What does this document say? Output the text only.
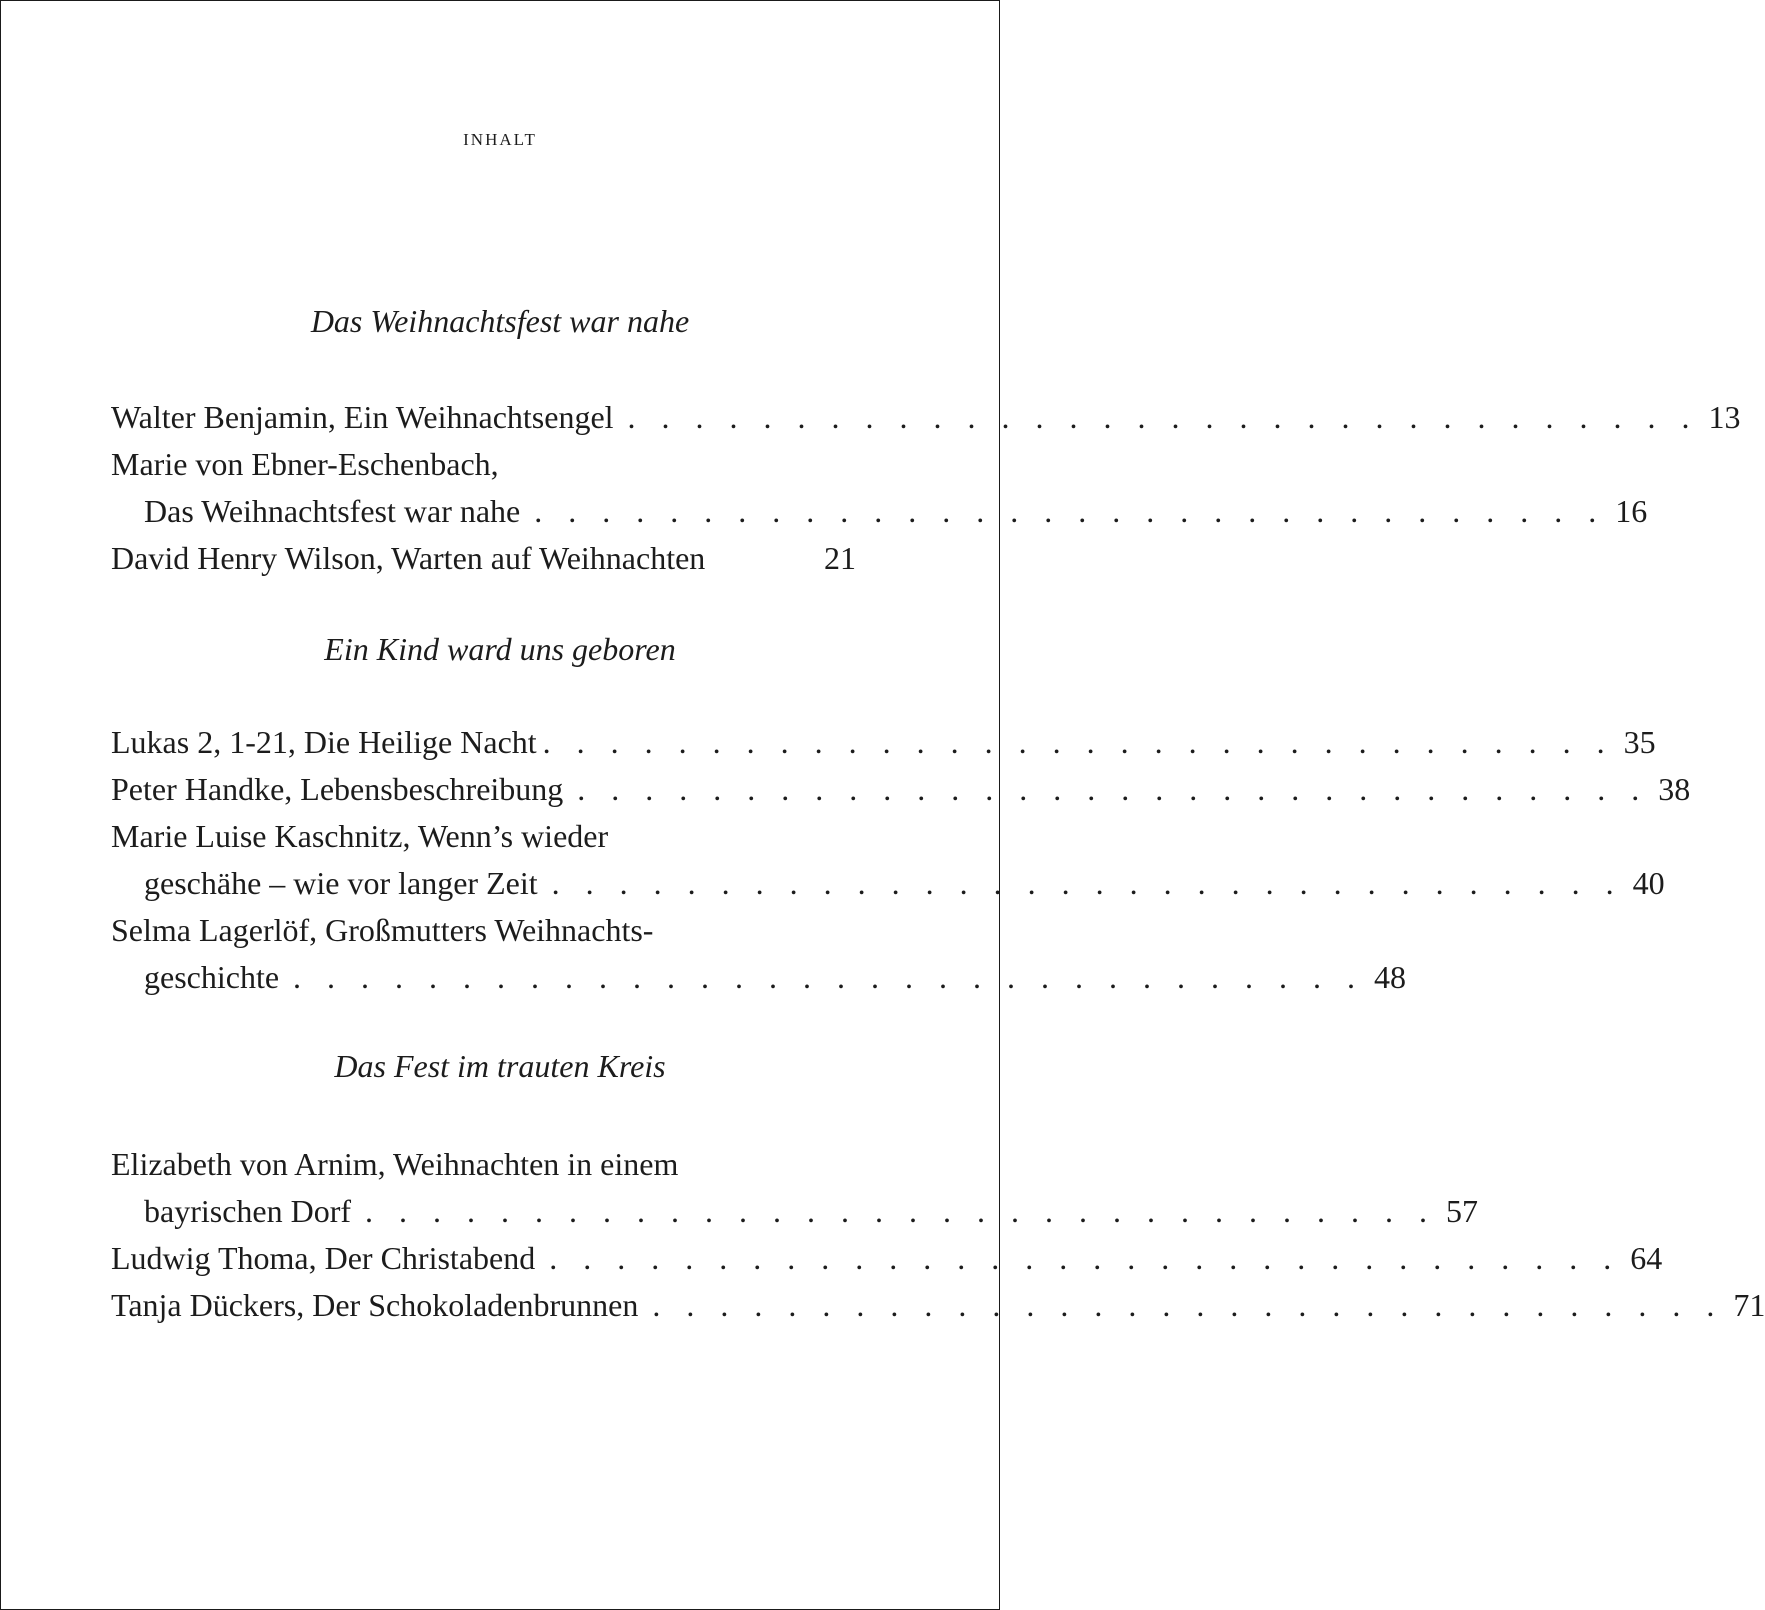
inhalt
Das Weihnachtsfest war nahe
Walter Benjamin, Ein Weihnachtsengel . . . . . . . . . . . . . . . . . . . . . . . . . . . . . . . . 13
Marie von Ebner-Eschenbach,
Das Weihnachtsfest war nahe . . . . . . . . . . . . . . . . . . . . . . . . . . . . . . . . 16
David Henry Wilson, Warten auf Weihnachten	21
Ein Kind ward uns geboren
Lukas 2, 1-21, Die Heilige Nacht . . . . . . . . . . . . . . . . . . . . . . . . . . . . . . . . 35
Peter Handke, Lebensbeschreibung . . . . . . . . . . . . . . . . . . . . . . . . . . . . . . . . 38
Marie Luise Kaschnitz, Wenn’s wieder
geschähe – wie vor langer Zeit . . . . . . . . . . . . . . . . . . . . . . . . . . . . . . . . 40
Selma Lagerlöf, Großmutters Weihnachts-
geschichte . . . . . . . . . . . . . . . . . . . . . . . . . . . . . . . . 48
Das Fest im trauten Kreis
Elizabeth von Arnim, Weihnachten in einem
bayrischen Dorf . . . . . . . . . . . . . . . . . . . . . . . . . . . . . . . . 57
Ludwig Thoma, Der Christabend . . . . . . . . . . . . . . . . . . . . . . . . . . . . . . . . 64
Tanja Dückers, Der Schokoladenbrunnen . . . . . . . . . . . . . . . . . . . . . . . . . . . . . . . . 71
